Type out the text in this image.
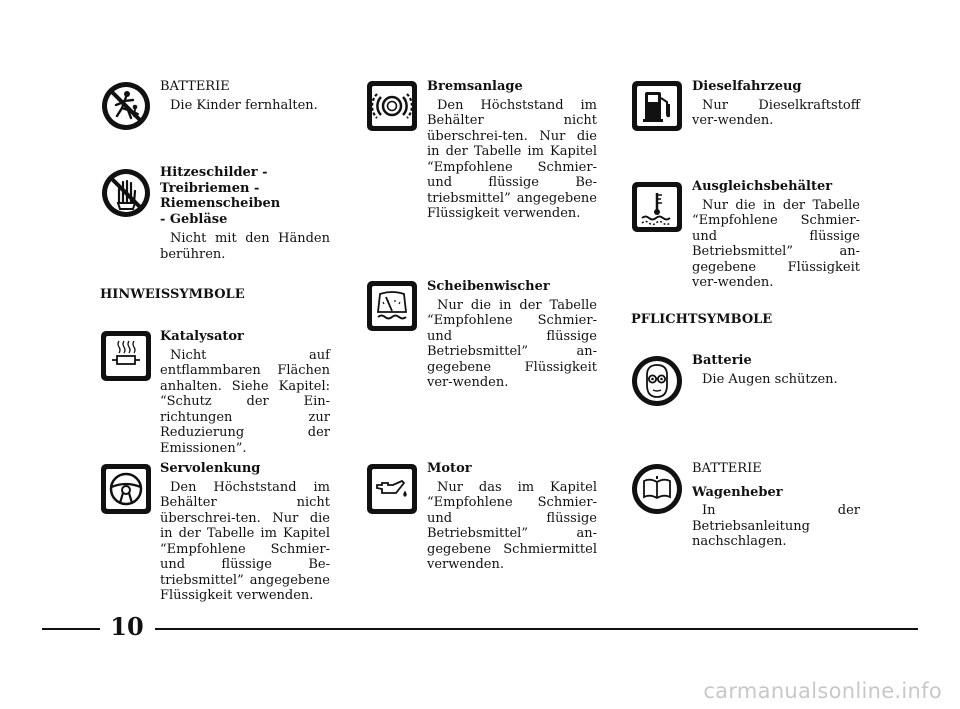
BATTERIE

Die Kinder fernhalten.

Hitzeschilder - Treibriemen - Riemenscheiben - Gebläse

Nicht mit den Händen berühren.

HINWEISSYMBOLE

Katalysator

Nicht auf entflammbaren Flächen anhalten. Siehe Kapitel: “Schutz der Ein-richtungen zur Reduzierung der Emissionen”.

Servolenkung

Den Höchststand im Behälter nicht überschrei-ten. Nur die in der Tabelle im Kapitel “Empfohlene Schmier- und flüssige Be-triebsmittel” angegebene Flüssigkeit verwenden.

Bremsanlage

Den Höchststand im Behälter nicht überschrei-ten. Nur die in der Tabelle im Kapitel “Empfohlene Schmier- und flüssige Be-triebsmittel” angegebene Flüssigkeit verwenden.

Scheibenwischer

Nur die in der Tabelle “Empfohlene Schmier- und flüssige Betriebsmittel” an-gegebene Flüssigkeit ver-wenden.

Motor

Nur das im Kapitel “Empfohlene Schmier- und flüssige Betriebsmittel” an-gegebene Schmiermittel verwenden.

Dieselfahrzeug

Nur Dieselkraftstoff ver-wenden.

Ausgleichsbehälter

Nur die in der Tabelle “Empfohlene Schmier- und flüssige Betriebsmittel” an-gegebene Flüssigkeit ver-wenden.

PFLICHTSYMBOLE

Batterie

Die Augen schützen.

BATTERIE

Wagenheber

In der Betriebsanleitung nachschlagen.

10
carmanualsonline.info
